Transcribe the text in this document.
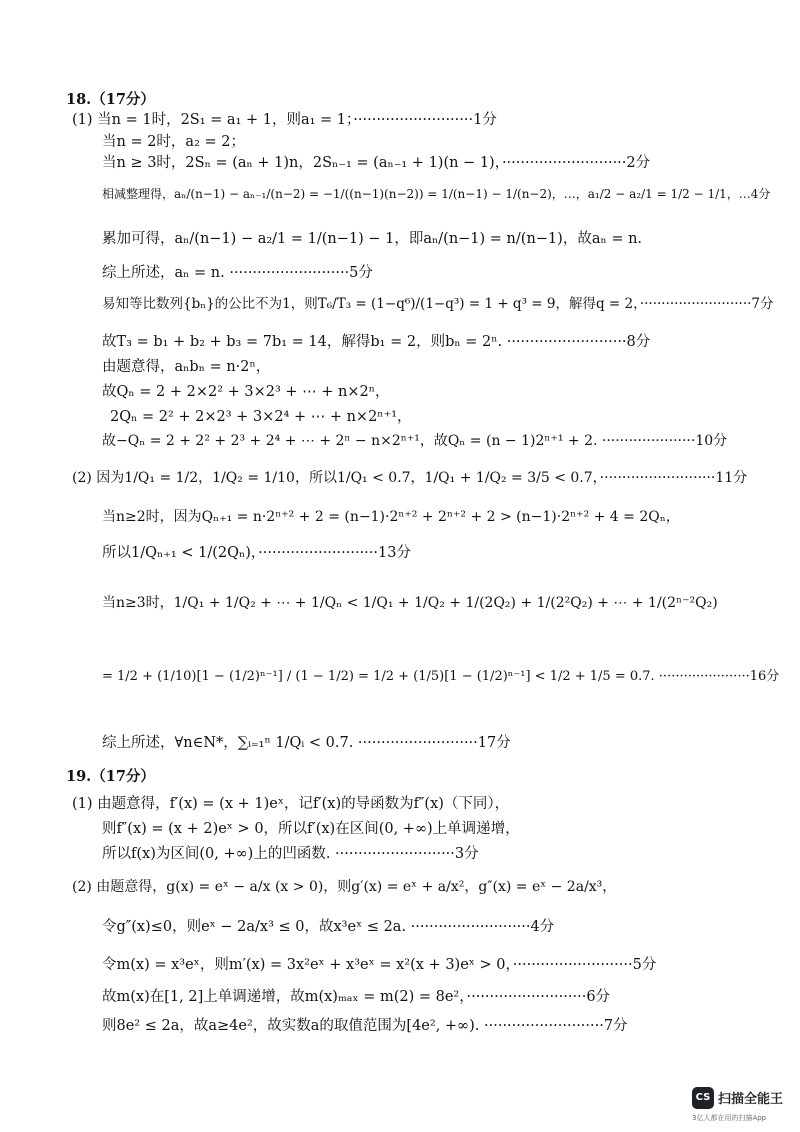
18.（17分）
(1) 当n = 1时，2S₁ = a₁ + 1，则a₁ = 1；··························1分
当n = 2时，a₂ = 2；
当n ≥ 3时，2Sₙ = (aₙ + 1)n，2Sₙ₋₁ = (aₙ₋₁ + 1)(n − 1)，···························2分
相减整理得，aₙ/(n−1) − aₙ₋₁/(n−2) = −1/((n−1)(n−2)) = 1/(n−1) − 1/(n−2)，…，a₁/2 − a₂/1 = 1/2 − 1/1，…4分
累加可得，aₙ/(n−1) − a₂/1 = 1/(n−1) − 1，即aₙ/(n−1) = n/(n−1)，故aₙ = n.
综上所述，aₙ = n. ··························5分
易知等比数列{bₙ}的公比不为1，则T₆/T₃ = (1−q⁶)/(1−q³) = 1 + q³ = 9，解得q = 2，··························7分
故T₃ = b₁ + b₂ + b₃ = 7b₁ = 14，解得b₁ = 2，则bₙ = 2ⁿ. ··························8分
由题意得，aₙbₙ = n·2ⁿ，
故Qₙ = 2 + 2×2² + 3×2³ + ⋯ + n×2ⁿ，
2Qₙ = 2² + 2×2³ + 3×2⁴ + ⋯ + n×2ⁿ⁺¹，
故−Qₙ = 2 + 2² + 2³ + 2⁴ + ⋯ + 2ⁿ − n×2ⁿ⁺¹，故Qₙ = (n − 1)2ⁿ⁺¹ + 2. ·····················10分
(2) 因为1/Q₁ = 1/2，1/Q₂ = 1/10，所以1/Q₁ < 0.7，1/Q₁ + 1/Q₂ = 3/5 < 0.7，··························11分
当n≥2时，因为Qₙ₊₁ = n·2ⁿ⁺² + 2 = (n−1)·2ⁿ⁺² + 2ⁿ⁺² + 2 > (n−1)·2ⁿ⁺² + 4 = 2Qₙ，
所以1/Qₙ₊₁ < 1/(2Qₙ)，··························13分
当n≥3时，1/Q₁ + 1/Q₂ + ⋯ + 1/Qₙ < 1/Q₁ + 1/Q₂ + 1/(2Q₂) + 1/(2²Q₂) + ⋯ + 1/(2ⁿ⁻²Q₂)
= 1/2 + (1/10)[1 − (1/2)ⁿ⁻¹] / (1 − 1/2) = 1/2 + (1/5)[1 − (1/2)ⁿ⁻¹] < 1/2 + 1/5 = 0.7. ······················16分
综上所述，∀n∈N*，∑ᵢ₌₁ⁿ 1/Qᵢ < 0.7. ··························17分
19.（17分）
(1) 由题意得，f′(x) = (x + 1)eˣ，记f′(x)的导函数为f″(x)（下同），
则f″(x) = (x + 2)eˣ > 0，所以f′(x)在区间(0, +∞)上单调递增，
所以f(x)为区间(0, +∞)上的凹函数. ··························3分
(2) 由题意得，g(x) = eˣ − a/x (x > 0)，则g′(x) = eˣ + a/x²，g″(x) = eˣ − 2a/x³，
令g″(x)≤0，则eˣ − 2a/x³ ≤ 0，故x³eˣ ≤ 2a. ··························4分
令m(x) = x³eˣ，则m′(x) = 3x²eˣ + x³eˣ = x²(x + 3)eˣ > 0，··························5分
故m(x)在[1, 2]上单调递增，故m(x)ₘₐₓ = m(2) = 8e²，··························6分
则8e² ≤ 2a，故a≥4e²，故实数a的取值范围为[4e², +∞). ··························7分
CS 扫描全能王
3亿人都在用的扫描App
